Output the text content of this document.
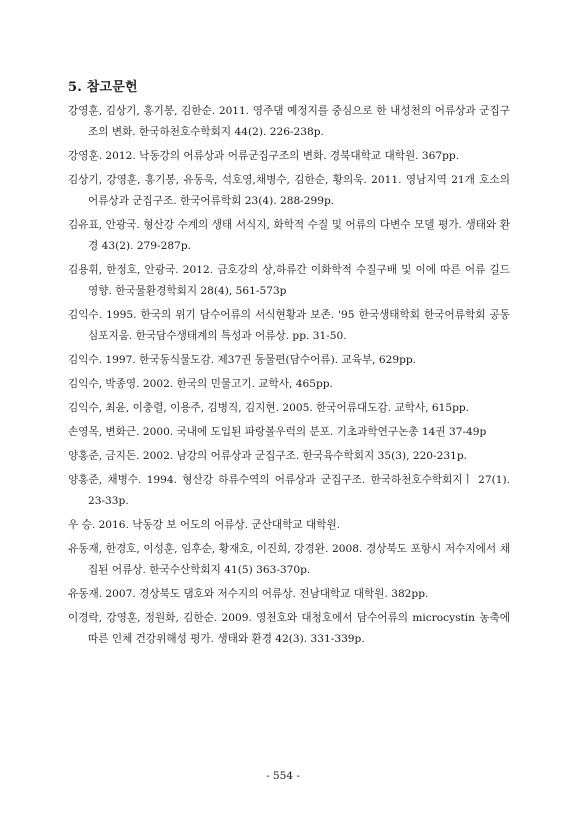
5. 참고문헌
강영훈, 김상기, 홍기봉, 김한순. 2011. 영주댐 예정지를 중심으로 한 내성천의 어류상과 군집구조의 변화. 한국하천호수학회지 44(2). 226-238p.
강영훈. 2012. 낙동강의 어류상과 어류군집구조의 변화. 경북대학교 대학원. 367pp.
김상기, 강영훈, 홍기봉, 유동욱, 석호영,채병수, 김한순, 황의욱. 2011. 영남지역 21개 호소의 어류상과 군집구조. 한국어류학회 23(4). 288-299p.
김유표, 안광국. 형산강 수계의 생태 서식지, 화학적 수질 및 어류의 다변수 모델 평가. 생태와 환경 43(2). 279-287p.
김용휘, 한정호, 안광국. 2012. 금호강의 상,하류간 이화학적 수질구배 및 이에 따른 어류 길드 영향. 한국물환경학회지 28(4), 561-573p
김익수. 1995. 한국의 위기 담수어류의 서식현황과 보존. '95 한국생태학회 한국어류학회 공동 심포지움. 한국담수생태계의 특성과 어류상. pp. 31-50.
김익수. 1997. 한국동식물도감. 제37권 동물편(담수어류). 교육부, 629pp.
김익수, 박종영. 2002. 한국의 민물고기. 교학사, 465pp.
김익수, 최윤, 이충렬, 이용주, 김병직, 김지현. 2005. 한국어류대도감. 교학사, 615pp.
손영목, 변화근. 2000. 국내에 도입된 파랑볼우럭의 분포. 기초과학연구논총 14권 37-49p
양홍준, 금지돈. 2002. 남강의 어류상과 군집구조. 한국육수학회지 35(3), 220-231p.
양홍준, 채병수. 1994. 형산강 하류수역의 어류상과 군집구조. 한국하천호수학회지ㅣ 27(1). 23-33p.
우 승. 2016. 낙동강 보 어도의 어류상. 군산대학교 대학원.
유동재, 한경호, 이성훈, 임후순, 황재호, 이진희, 강경완. 2008. 경상북도 포항시 저수지에서 채집된 어류상. 한국수산학회지 41(5) 363-370p.
유동재. 2007. 경상북도 댐호와 저수지의 어류상. 전남대학교 대학원. 382pp.
이경락, 강영훈, 정원화, 김한순. 2009. 영천호와 대청호에서 담수어류의 microcystin 농축에 따른 인체 건강위해성 평가. 생태와 환경 42(3). 331-339p.
- 554 -
